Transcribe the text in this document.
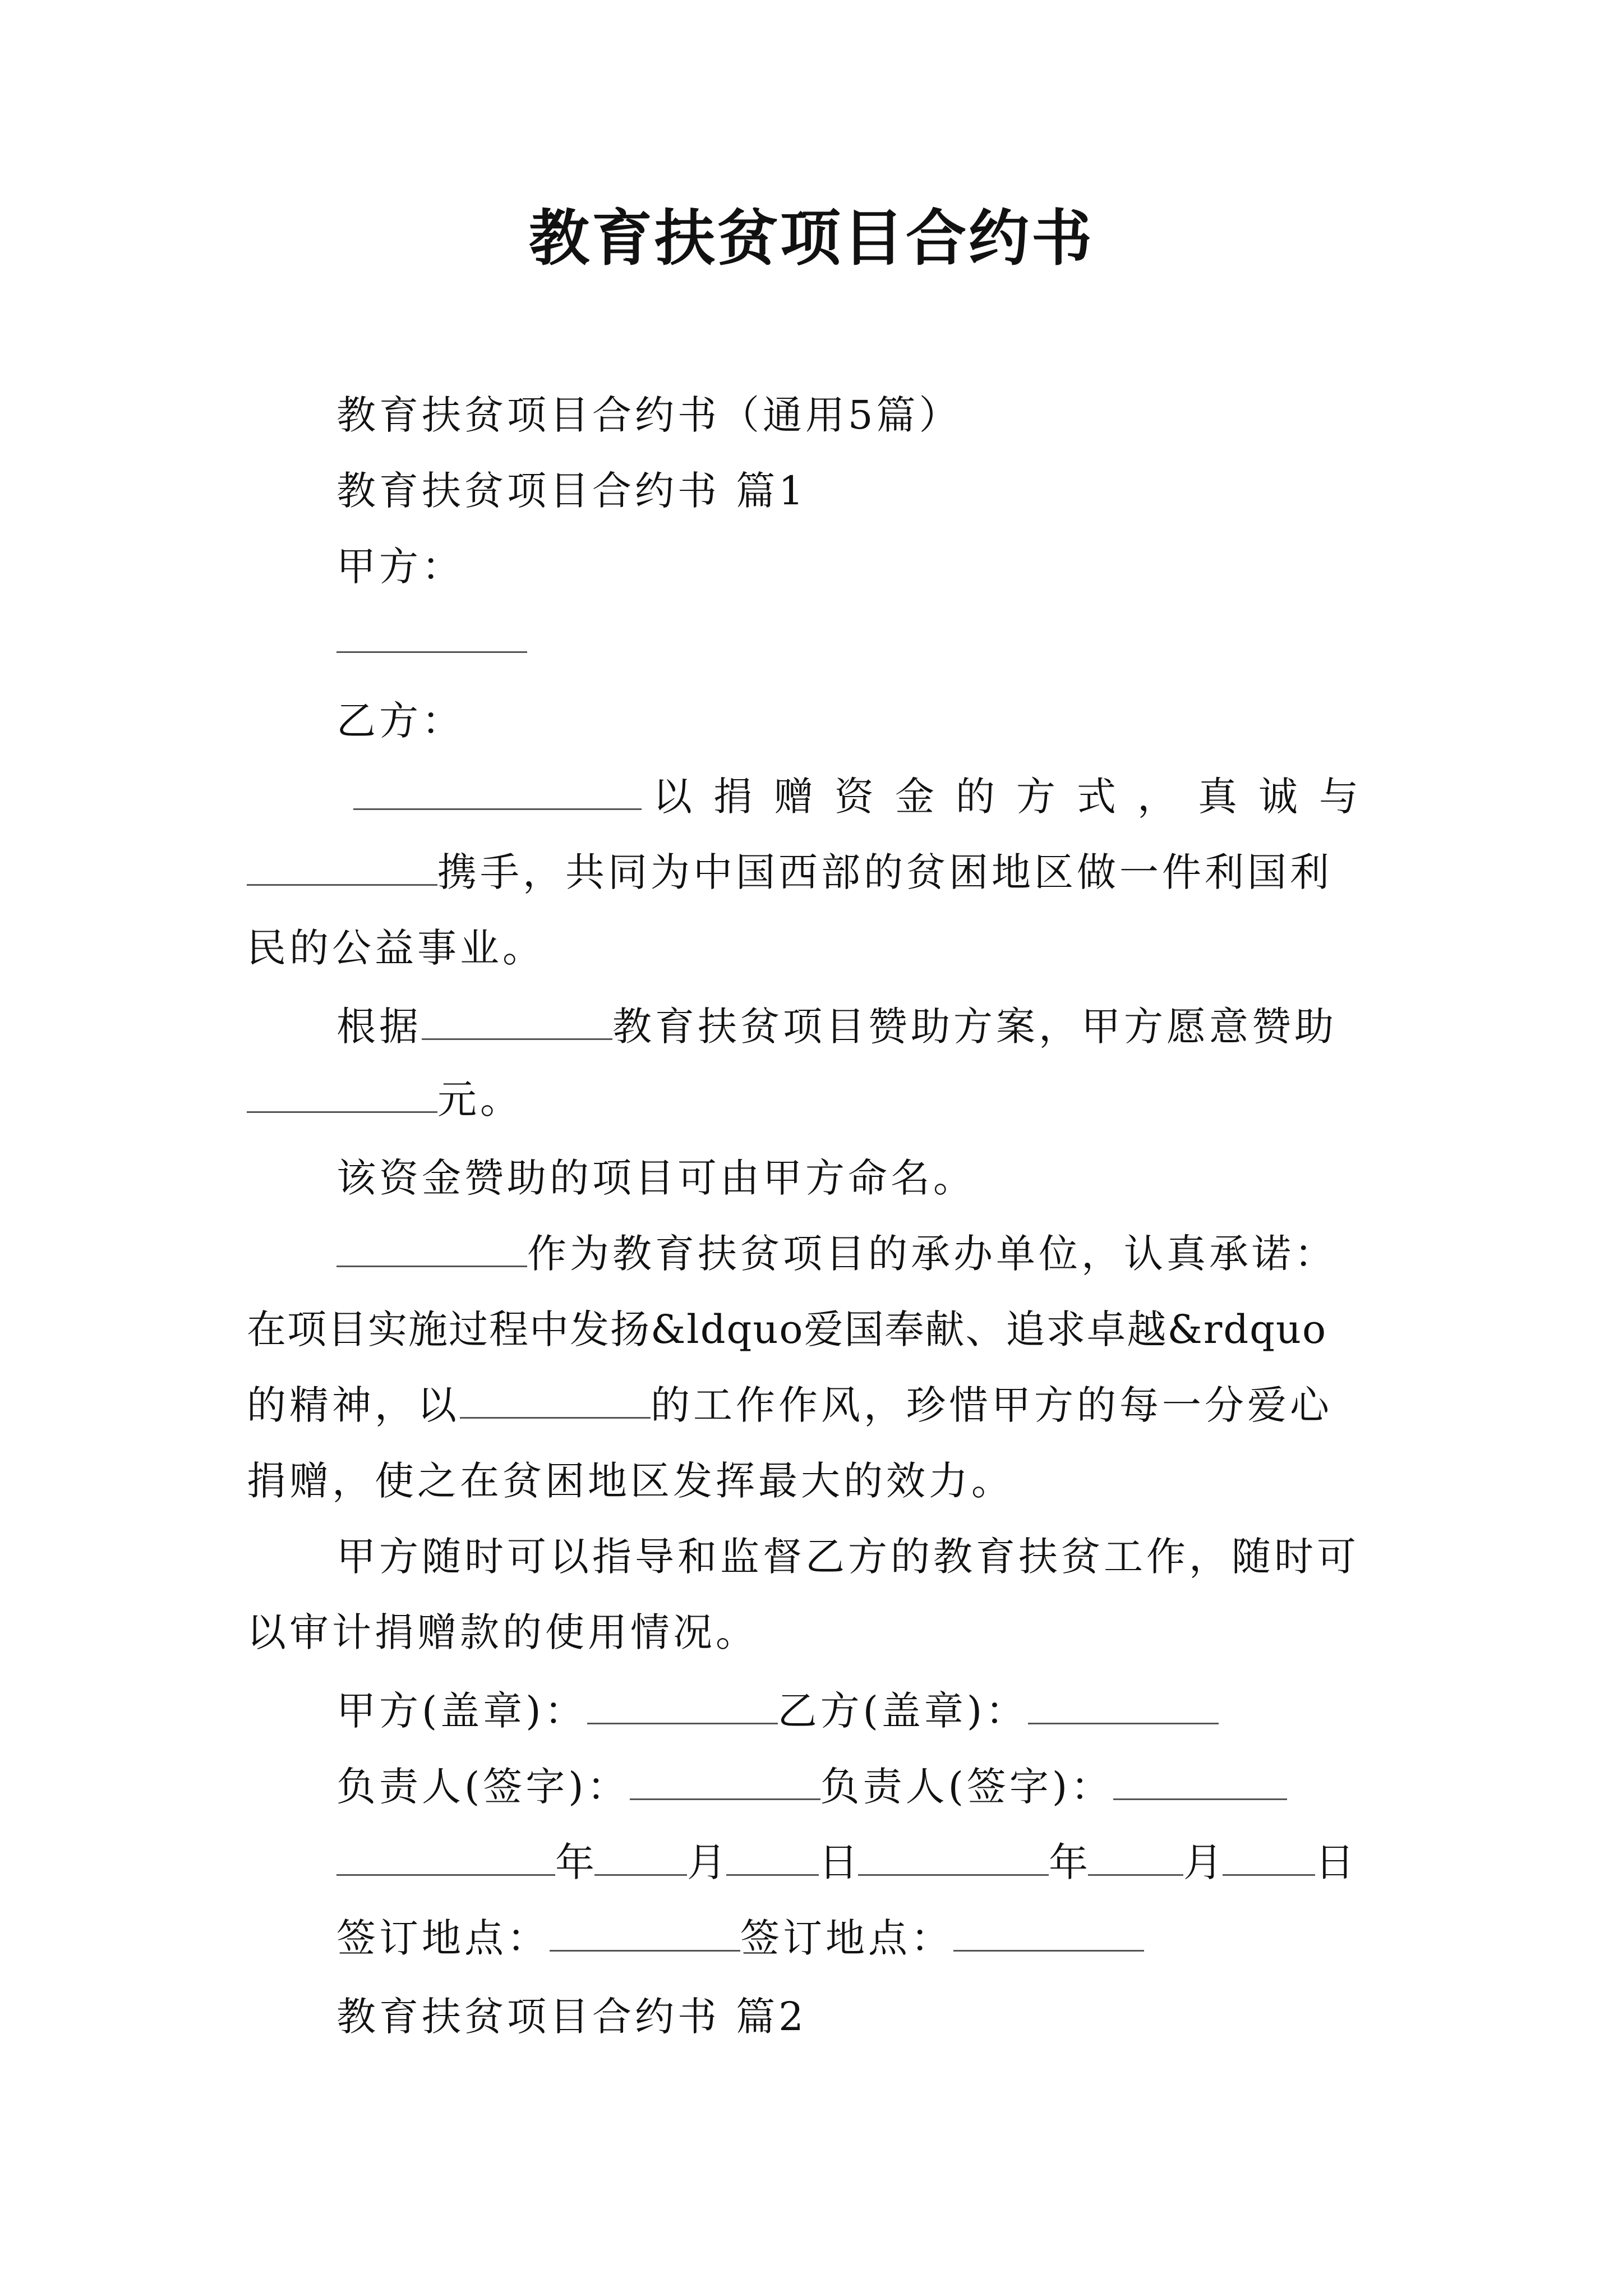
教育扶贫项目合约书
教育扶贫项目合约书（通用5篇）
教育扶贫项目合约书 篇1
甲方：
乙方：
以捐赠资金的方式，真诚与
携手，共同为中国西部的贫困地区做一件利国利
民的公益事业。
根据	教育扶贫项目赞助方案，甲方愿意赞助
元。
该资金赞助的项目可由甲方命名。
作为教育扶贫项目的承办单位，认真承诺：
在项目实施过程中发扬&ldquo爱国奉献、追求卓越&rdquo
的精神，以	的工作作风，珍惜甲方的每一分爱心
捐赠，使之在贫困地区发挥最大的效力。
甲方随时可以指导和监督乙方的教育扶贫工作，随时可
以审计捐赠款的使用情况。
甲方(盖章)：	乙方(盖章)：
负责人(签字)：	负责人(签字)：
年 月 日	年 月 日
签订地点：	签订地点：
教育扶贫项目合约书 篇2
